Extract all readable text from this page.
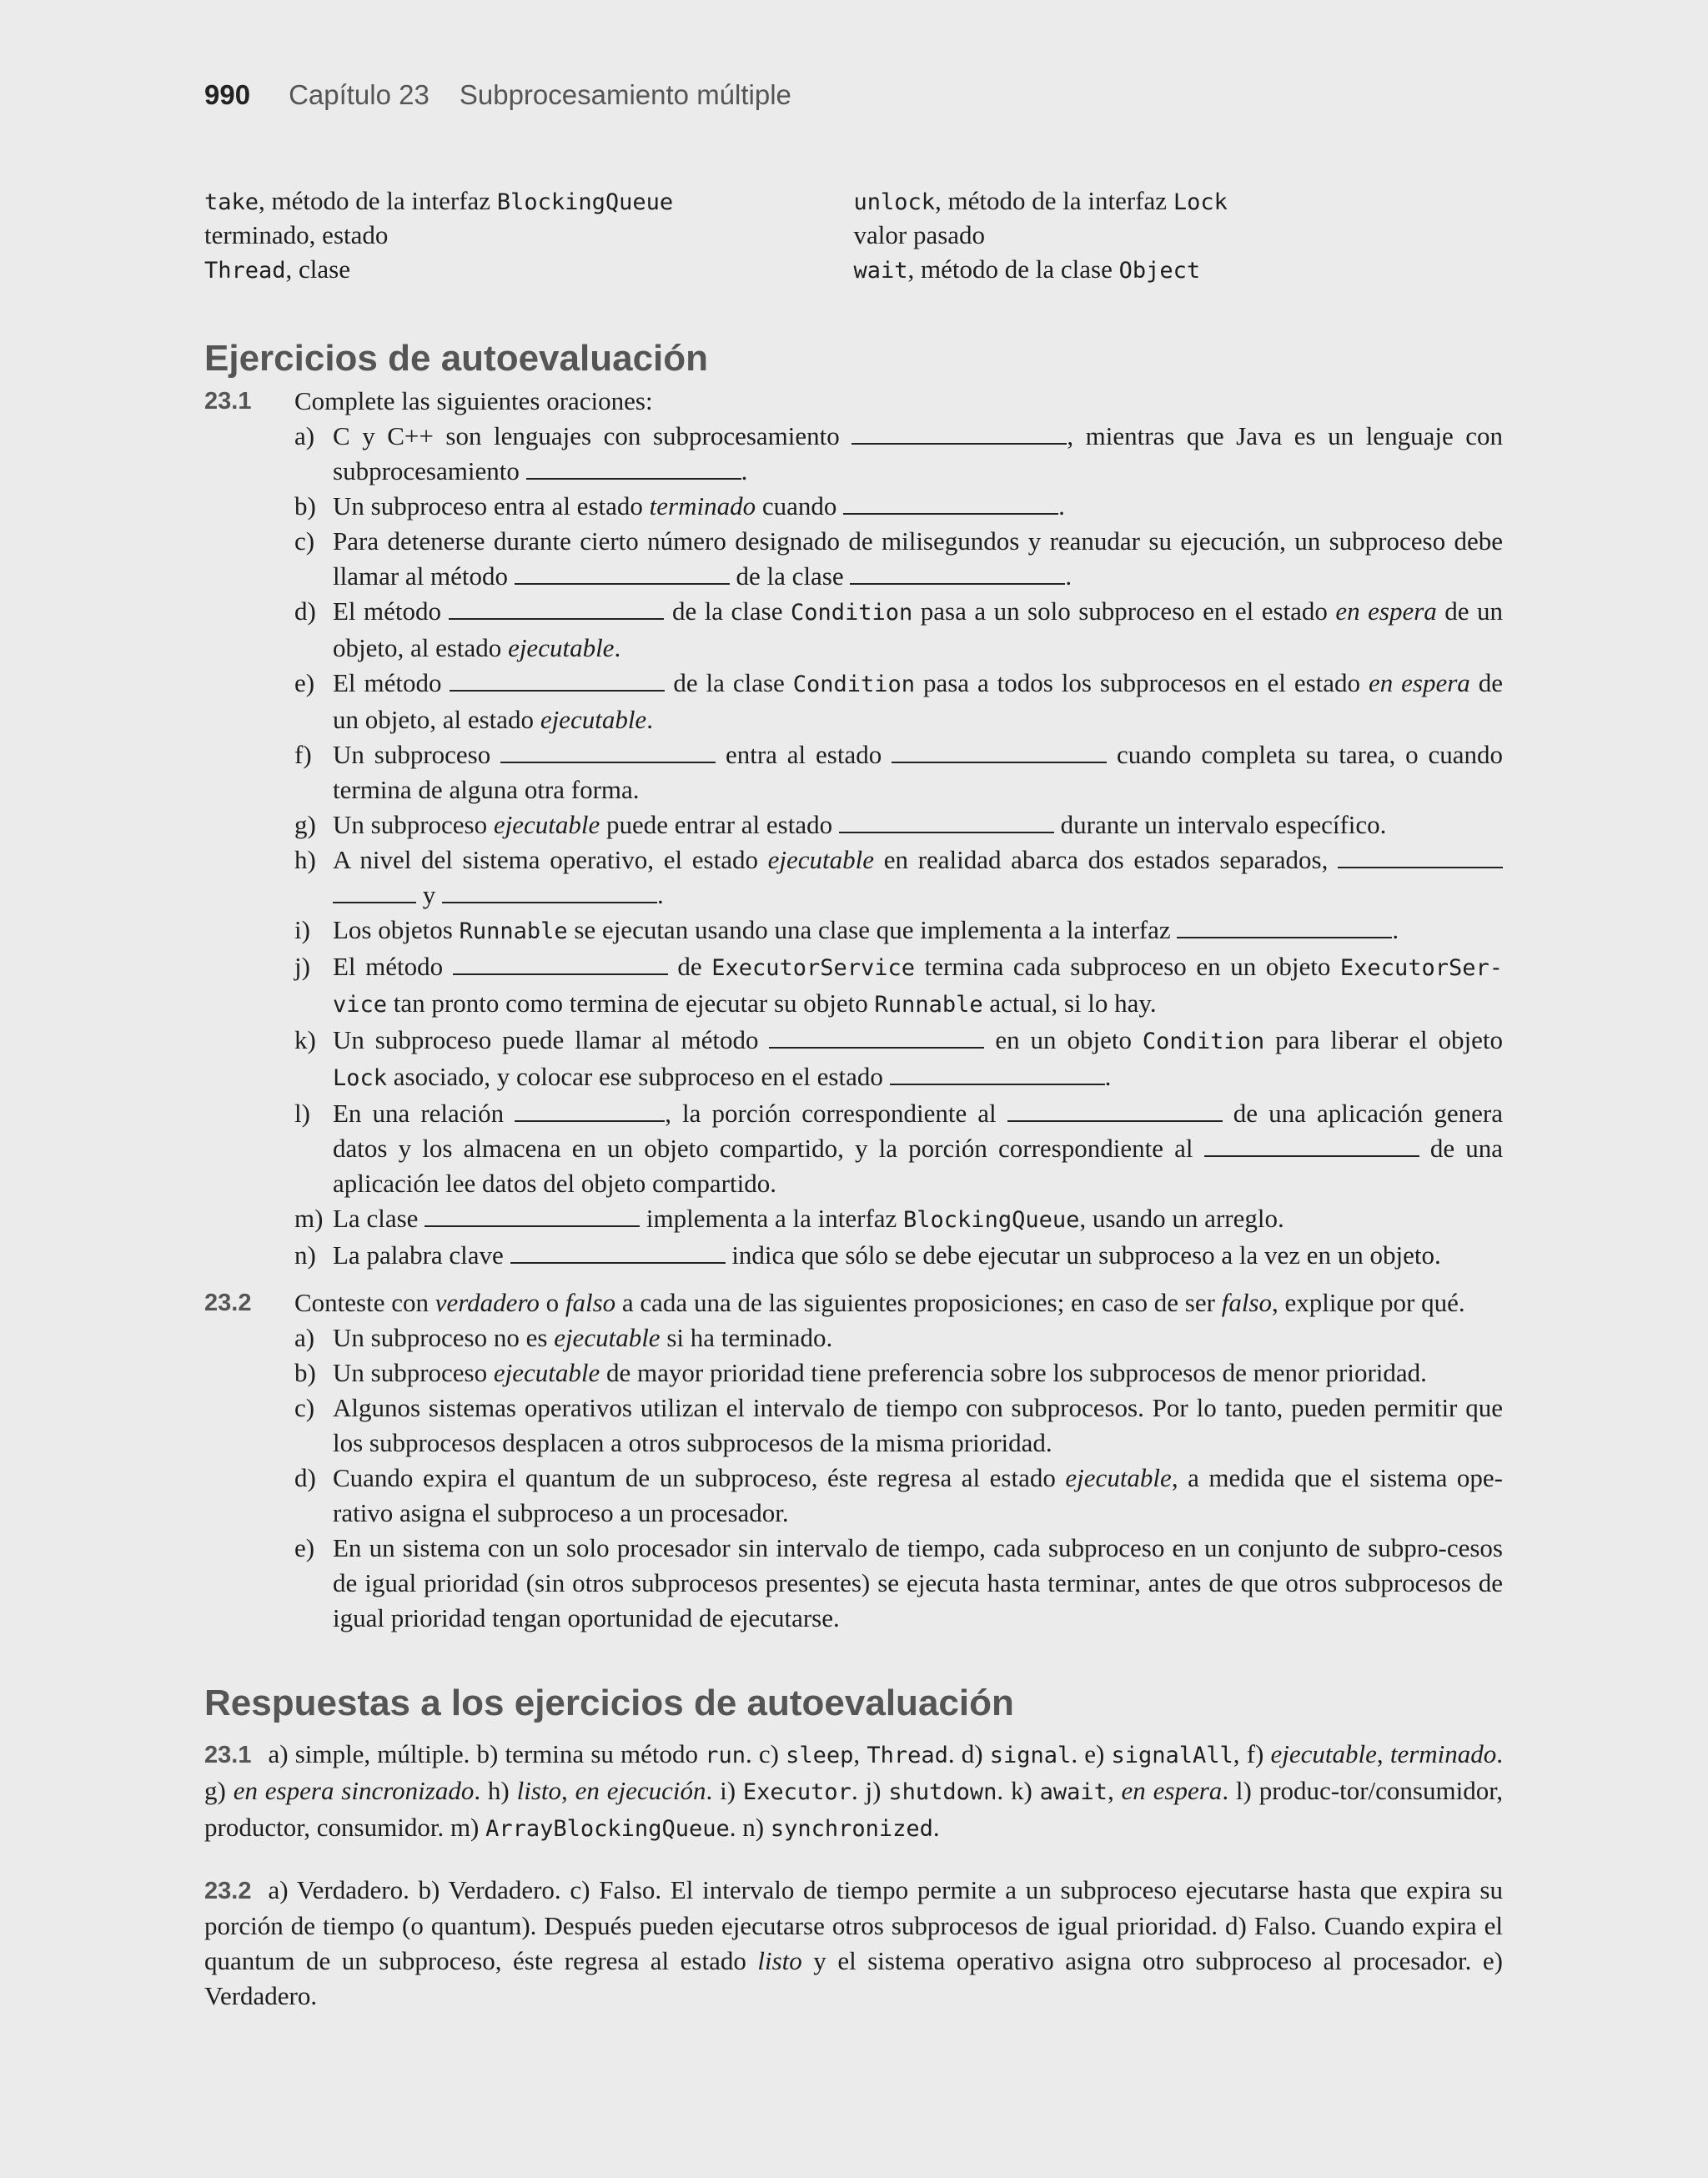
990 Capítulo 23 Subprocesamiento múltiple
take, método de la interfaz BlockingQueue
terminado, estado
Thread, clase
unlock, método de la interfaz Lock
valor pasado
wait, método de la clase Object
Ejercicios de autoevaluación
23.1 Complete las siguientes oraciones:
a) C y C++ son lenguajes con subprocesamiento	, mientras que Java es un lenguaje con subprocesamiento	.
b) Un subproceso entra al estado terminado cuando	.
c) Para detenerse durante cierto número designado de milisegundos y reanudar su ejecución, un subproceso debe llamar al método	de la clase	.
d) El método	de la clase Condition pasa a un solo subproceso en el estado en espera de un objeto, al estado ejecutable.
e) El método	de la clase Condition pasa a todos los subprocesos en el estado en espera de un objeto, al estado ejecutable.
f) Un subproceso	entra al estado	cuando completa su tarea, o cuando termina de alguna otra forma.
g) Un subproceso ejecutable puede entrar al estado	durante un intervalo específico.
h) A nivel del sistema operativo, el estado ejecutable en realidad abarca dos estados separados,  y	.
i) Los objetos Runnable se ejecutan usando una clase que implementa a la interfaz	.
j) El método	de ExecutorService termina cada subproceso en un objeto ExecutorSer- vice tan pronto como termina de ejecutar su objeto Runnable actual, si lo hay.
k) Un subproceso puede llamar al método	en un objeto Condition para liberar el objeto Lock asociado, y colocar ese subproceso en el estado	.
l) En una relación	, la porción correspondiente al	de una aplicación genera datos y los almacena en un objeto compartido, y la porción correspondiente al	de una aplicación lee datos del objeto compartido.
m) La clase	implementa a la interfaz BlockingQueue, usando un arreglo.
n) La palabra clave	indica que sólo se debe ejecutar un subproceso a la vez en un objeto.
23.2 Conteste con verdadero o falso a cada una de las siguientes proposiciones; en caso de ser falso, explique por qué.
a) Un subproceso no es ejecutable si ha terminado.
b) Un subproceso ejecutable de mayor prioridad tiene preferencia sobre los subprocesos de menor prioridad.
c) Algunos sistemas operativos utilizan el intervalo de tiempo con subprocesos. Por lo tanto, pueden permitir que los subprocesos desplacen a otros subprocesos de la misma prioridad.
d) Cuando expira el quantum de un subproceso, éste regresa al estado ejecutable, a medida que el sistema ope-rativo asigna el subproceso a un procesador.
e) En un sistema con un solo procesador sin intervalo de tiempo, cada subproceso en un conjunto de subpro-cesos de igual prioridad (sin otros subprocesos presentes) se ejecuta hasta terminar, antes de que otros subprocesos de igual prioridad tengan oportunidad de ejecutarse.
Respuestas a los ejercicios de autoevaluación

23.1 a) simple, múltiple. b) termina su método run. c) sleep, Thread. d) signal. e) signalAll, f) ejecutable, terminado. g) en espera sincronizado. h) listo, en ejecución. i) Executor. j) shutdown. k) await, en espera. l) produc-tor/consumidor, productor, consumidor. m) ArrayBlockingQueue. n) synchronized.

23.2 a) Verdadero. b) Verdadero. c) Falso. El intervalo de tiempo permite a un subproceso ejecutarse hasta que expira su porción de tiempo (o quantum). Después pueden ejecutarse otros subprocesos de igual prioridad. d) Falso. Cuando expira el quantum de un subproceso, éste regresa al estado listo y el sistema operativo asigna otro subproceso al procesador. e) Verdadero.
